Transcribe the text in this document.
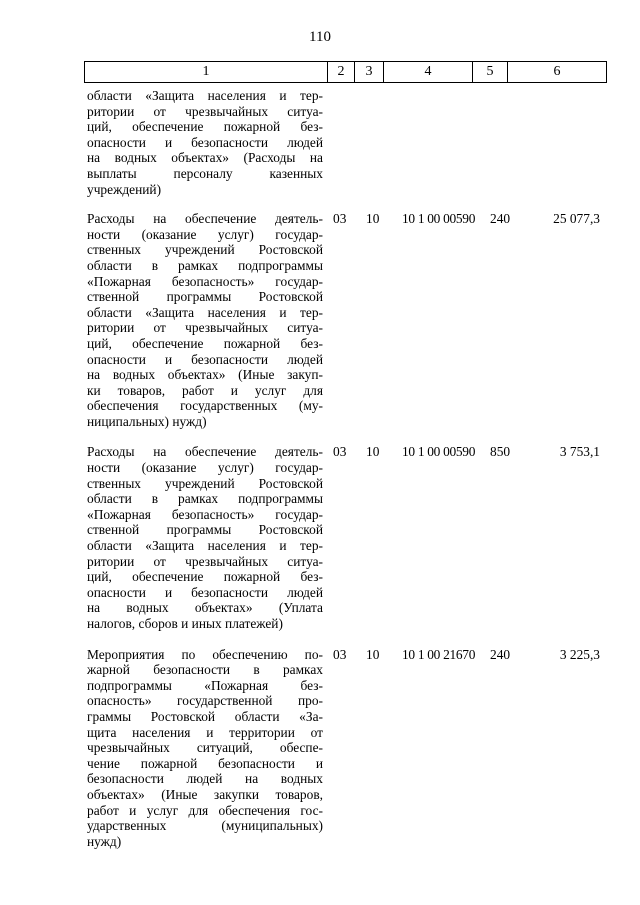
110
1	2	3	4	5	6
области «Защита населения и тер-
ритории от чрезвычайных ситуа-
ций, обеспечение пожарной без-
опасности и безопасности людей
на водных объектах» (Расходы на
выплаты персоналу казенных
учреждений)
Расходы на обеспечение деятель-
ности (оказание услуг) государ-
ственных учреждений Ростовской
области в рамках подпрограммы
«Пожарная безопасность» государ-
ственной программы Ростовской
области «Защита населения и тер-
ритории от чрезвычайных ситуа-
ций, обеспечение пожарной без-
опасности и безопасности людей
на водных объектах» (Иные закуп-
ки товаров, работ и услуг для
обеспечения государственных (му-
ниципальных) нужд)
03	10	10 1 00 00590	240	25 077,3
Расходы на обеспечение деятель-
ности (оказание услуг) государ-
ственных учреждений Ростовской
области в рамках подпрограммы
«Пожарная безопасность» государ-
ственной программы Ростовской
области «Защита населения и тер-
ритории от чрезвычайных ситуа-
ций, обеспечение пожарной без-
опасности и безопасности людей
на водных объектах» (Уплата
налогов, сборов и иных платежей)
03	10	10 1 00 00590	850	3 753,1
Мероприятия по обеспечению по-
жарной безопасности в рамках
подпрограммы «Пожарная без-
опасность» государственной про-
граммы Ростовской области «За-
щита населения и территории от
чрезвычайных ситуаций, обеспе-
чение пожарной безопасности и
безопасности людей на водных
объектах» (Иные закупки товаров,
работ и услуг для обеспечения гос-
ударственных (муниципальных)
нужд)
03	10	10 1 00 21670	240	3 225,3
